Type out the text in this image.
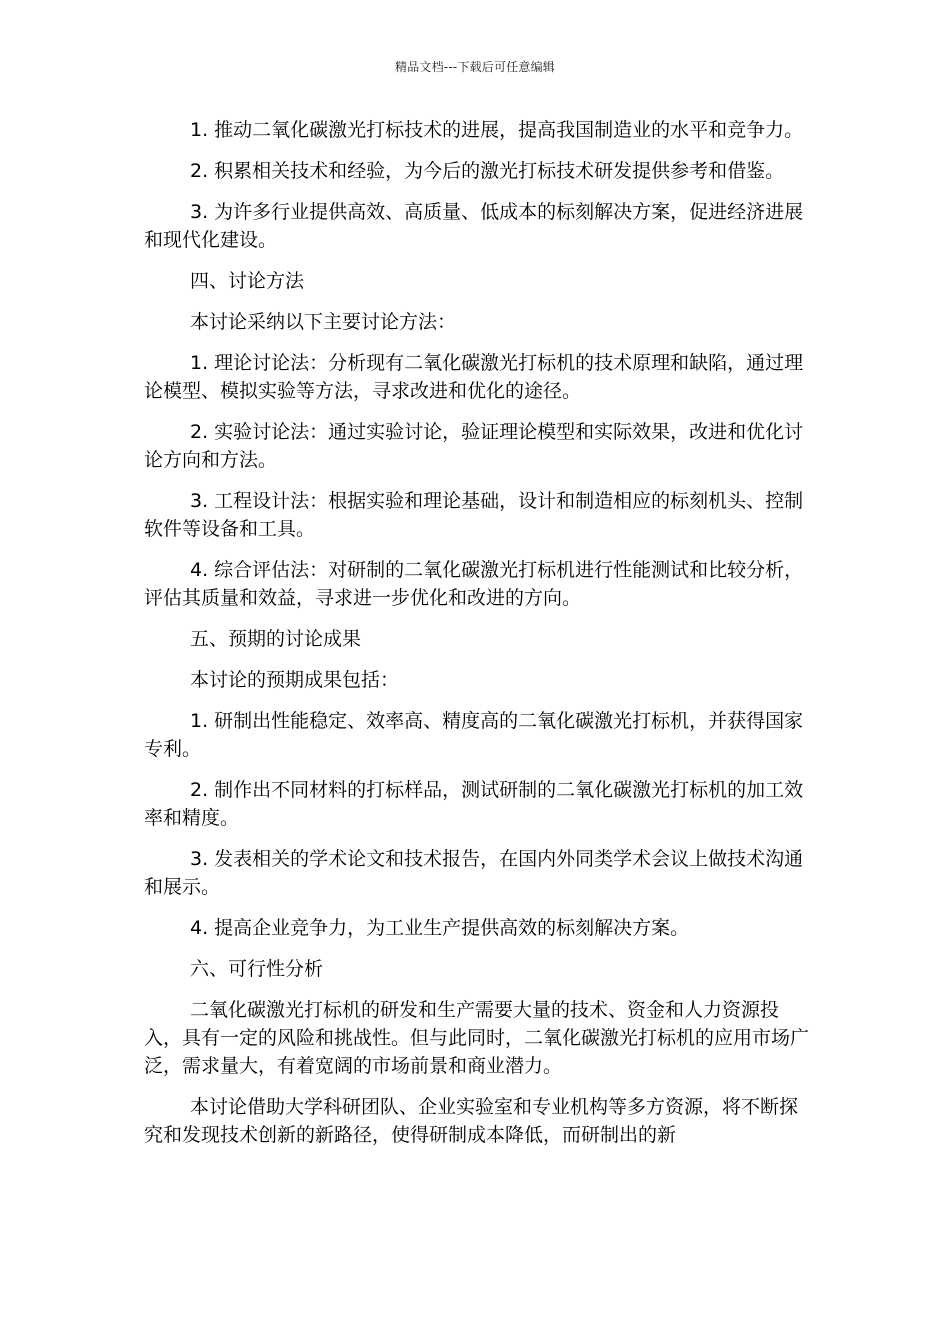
精品文档---下载后可任意编辑

1. 推动二氧化碳激光打标技术的进展，提高我国制造业的水平和竞争力。

2. 积累相关技术和经验，为今后的激光打标技术研发提供参考和借鉴。

3. 为许多行业提供高效、高质量、低成本的标刻解决方案，促进经济进展和现代化建设。

四、讨论方法

本讨论采纳以下主要讨论方法：

1. 理论讨论法：分析现有二氧化碳激光打标机的技术原理和缺陷，通过理论模型、模拟实验等方法，寻求改进和优化的途径。

2. 实验讨论法：通过实验讨论，验证理论模型和实际效果，改进和优化讨论方向和方法。

3. 工程设计法：根据实验和理论基础，设计和制造相应的标刻机头、控制软件等设备和工具。

4. 综合评估法：对研制的二氧化碳激光打标机进行性能测试和比较分析，评估其质量和效益，寻求进一步优化和改进的方向。

五、预期的讨论成果

本讨论的预期成果包括：

1. 研制出性能稳定、效率高、精度高的二氧化碳激光打标机，并获得国家专利。

2. 制作出不同材料的打标样品，测试研制的二氧化碳激光打标机的加工效率和精度。

3. 发表相关的学术论文和技术报告，在国内外同类学术会议上做技术沟通和展示。

4. 提高企业竞争力，为工业生产提供高效的标刻解决方案。

六、可行性分析

二氧化碳激光打标机的研发和生产需要大量的技术、资金和人力资源投入，具有一定的风险和挑战性。但与此同时，二氧化碳激光打标机的应用市场广泛，需求量大，有着宽阔的市场前景和商业潜力。

本讨论借助大学科研团队、企业实验室和专业机构等多方资源，将不断探究和发现技术创新的新路径，使得研制成本降低，而研制出的新
